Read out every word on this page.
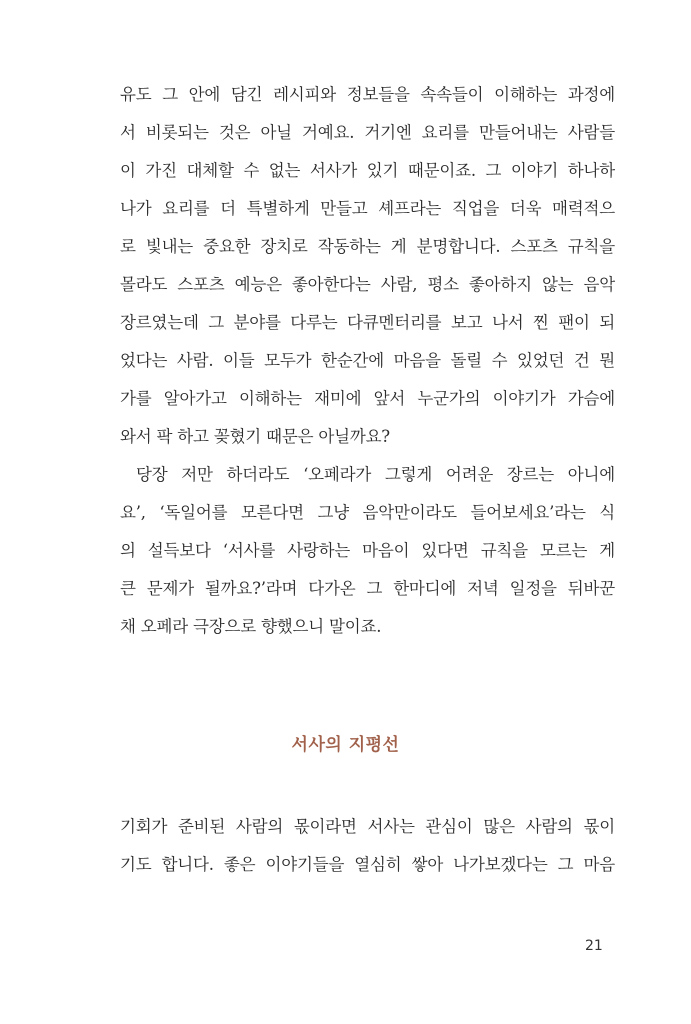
유도 그 안에 담긴 레시피와 정보들을 속속들이 이해하는 과정에
서 비롯되는 것은 아닐 거예요. 거기엔 요리를 만들어내는 사람들
이 가진 대체할 수 없는 서사가 있기 때문이죠. 그 이야기 하나하
나가 요리를 더 특별하게 만들고 셰프라는 직업을 더욱 매력적으
로 빛내는 중요한 장치로 작동하는 게 분명합니다. 스포츠 규칙을
몰라도 스포츠 예능은 좋아한다는 사람, 평소 좋아하지 않는 음악
장르였는데 그 분야를 다루는 다큐멘터리를 보고 나서 찐 팬이 되
었다는 사람. 이들 모두가 한순간에 마음을 돌릴 수 있었던 건 뭔
가를 알아가고 이해하는 재미에 앞서 누군가의 이야기가 가슴에
와서 팍 하고 꽂혔기 때문은 아닐까요?
당장 저만 하더라도 ‘오페라가 그렇게 어려운 장르는 아니에
요’, ‘독일어를 모른다면 그냥 음악만이라도 들어보세요’라는 식
의 설득보다 ‘서사를 사랑하는 마음이 있다면 규칙을 모르는 게
큰 문제가 될까요?’라며 다가온 그 한마디에 저녁 일정을 뒤바꾼
채 오페라 극장으로 향했으니 말이죠.
서사의 지평선
기회가 준비된 사람의 몫이라면 서사는 관심이 많은 사람의 몫이
기도 합니다. 좋은 이야기들을 열심히 쌓아 나가보겠다는 그 마음
21
